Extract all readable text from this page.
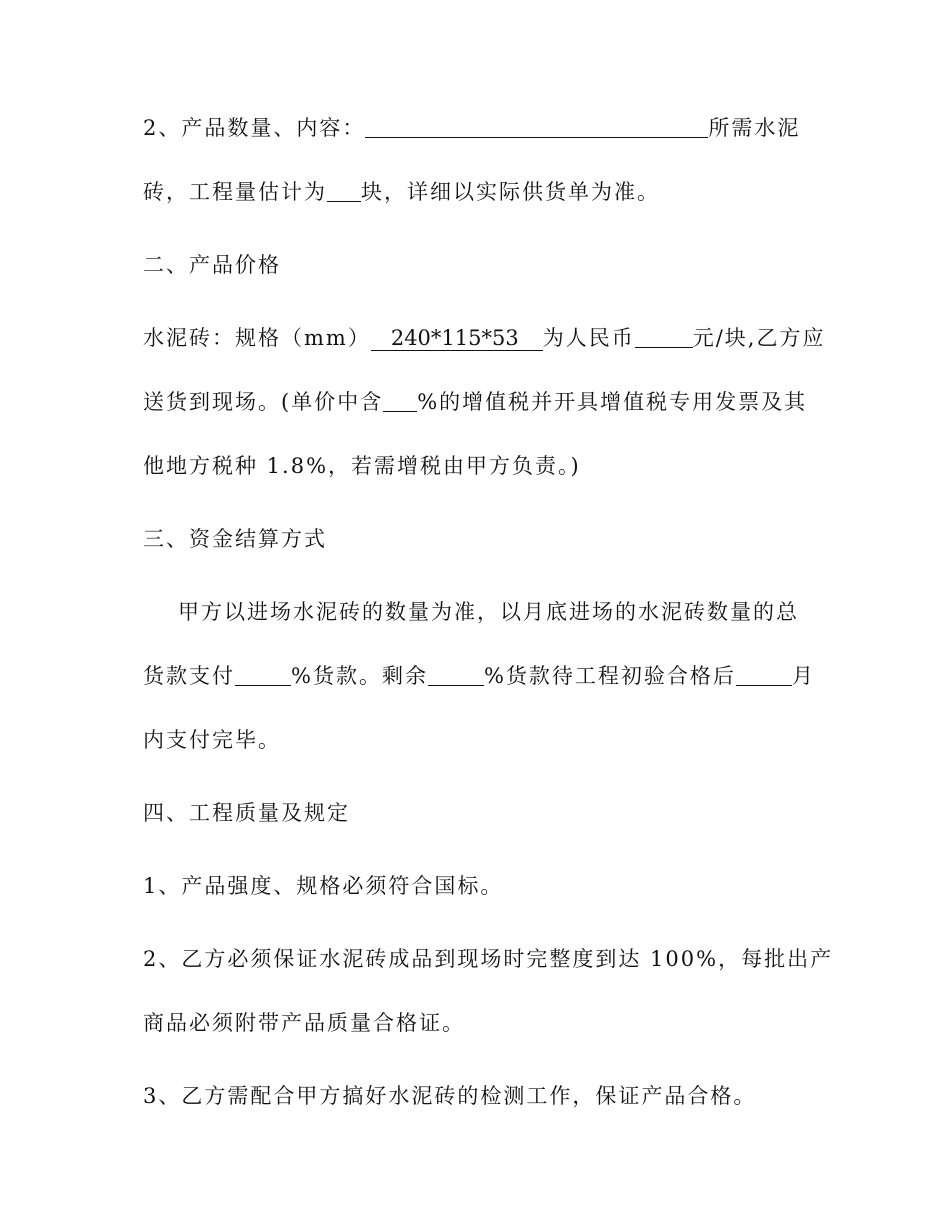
2、产品数量、内容：	所需水泥
砖，工程量估计为 块，详细以实际供货单为准。
二、产品价格
水泥砖：规格（mm） 240*115*53 为人民币	元/块,乙方应
送货到现场。(单价中含 %的增值税并开具增值税专用发票及其
他地方税种 1.8%，若需增税由甲方负责。)
三、资金结算方式
甲方以进场水泥砖的数量为准，以月底进场的水泥砖数量的总
货款支付	%货款。剩余	%货款待工程初验合格后	月
内支付完毕。
四、工程质量及规定
1、产品强度、规格必须符合国标。
2、乙方必须保证水泥砖成品到现场时完整度到达 100%，每批出产
商品必须附带产品质量合格证。
3、乙方需配合甲方搞好水泥砖的检测工作，保证产品合格。
